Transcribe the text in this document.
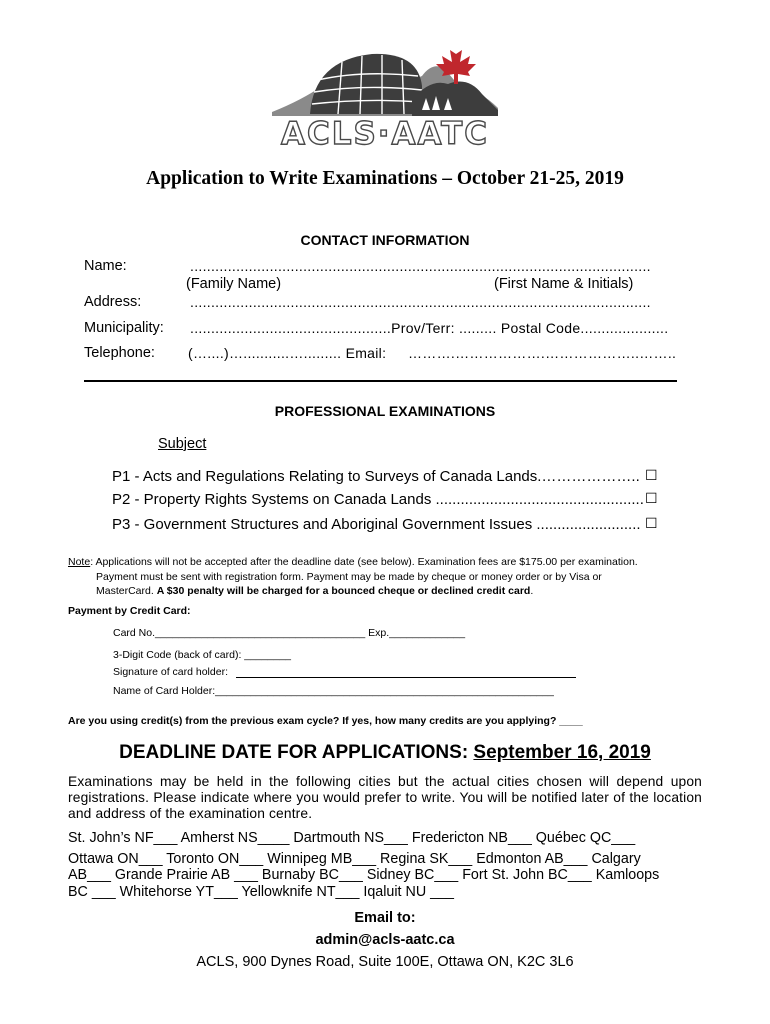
ACLS·AATC
Application to Write Examinations – October 21-25, 2019
CONTACT INFORMATION
Name:	..............................................................................................................
(Family Name)	(First Name & Initials)
Address:	..............................................................................................................
Municipality: ................................................Prov/Terr: ......... Postal Code.....................
Telephone: (…....)…...........…......... Email: ……….……………….………………..……..
PROFESSIONAL EXAMINATIONS
Subject
P1 - Acts and Regulations Relating to Surveys of Canada Lands.……………….. ☐
P2 - Property Rights Systems on Canada Lands .................................................. ☐
P3 - Government Structures and Aboriginal Government Issues ......................... ☐
Note: Applications will not be accepted after the deadline date (see below). Examination fees are $175.00 per examination.
Payment must be sent with registration form. Payment may be made by cheque or money order or by Visa or
MasterCard. A $30 penalty will be charged for a bounced cheque or declined credit card.
Payment by Credit Card:
Card No.____________________________________ Exp._____________
3-Digit Code (back of card): ________
Signature of card holder:
Name of Card Holder:__________________________________________________________
Are you using credit(s) from the previous exam cycle? If yes, how many credits are you applying? ____
DEADLINE DATE FOR APPLICATIONS: September 16, 2019
Examinations may be held in the following cities but the actual cities chosen will depend upon registrations. Please indicate where you would prefer to write. You will be notified later of the location and address of the examination centre.
St. John’s NF___ Amherst NS____ Dartmouth NS___ Fredericton NB___ Québec QC___
Ottawa ON___ Toronto ON___ Winnipeg MB___ Regina SK___ Edmonton AB___ Calgary
AB___ Grande Prairie AB ___ Burnaby BC___ Sidney BC___ Fort St. John BC___ Kamloops
BC ___ Whitehorse YT___ Yellowknife NT___ Iqaluit NU ___
Email to:
admin@acls-aatc.ca
ACLS, 900 Dynes Road, Suite 100E, Ottawa ON, K2C 3L6
